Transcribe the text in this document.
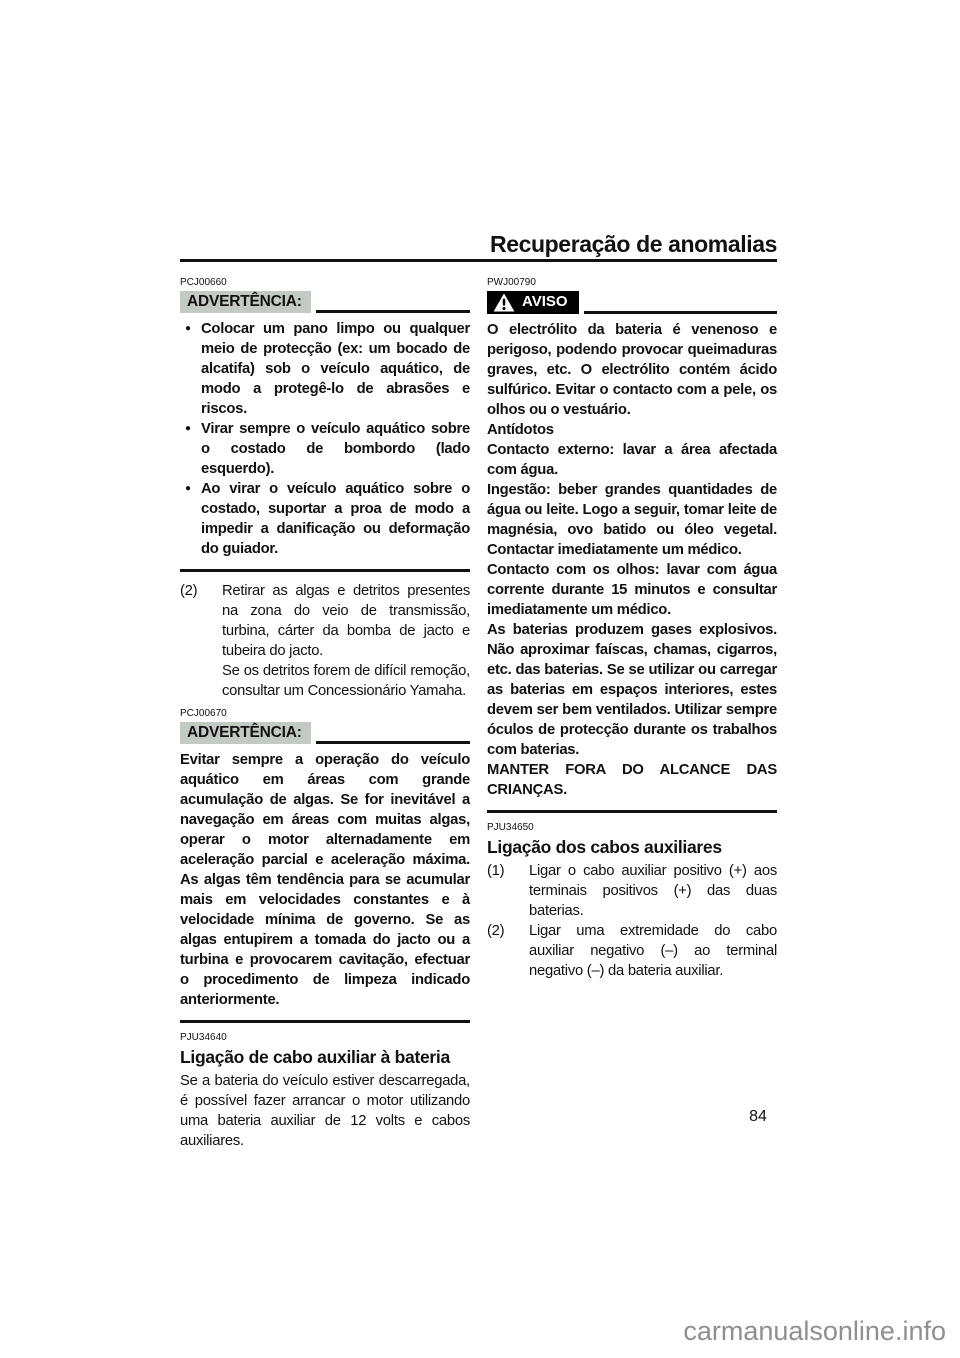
Recuperação de anomalias
PCJ00660
ADVERTÊNCIA:
● Colocar um pano limpo ou qualquer meio de protecção (ex: um bocado de alcatifa) sob o veículo aquático, de modo a protegê-lo de abrasões e riscos.
● Virar sempre o veículo aquático sobre o costado de bombordo (lado esquerdo).
● Ao virar o veículo aquático sobre o costado, suportar a proa de modo a impedir a danificação ou deformação do guiador.
(2)	Retirar as algas e detritos presentes na zona do veio de transmissão, turbina, cárter da bomba de jacto e tubeira do jacto.
Se os detritos forem de difícil remoção, consultar um Concessionário Yamaha.
PCJ00670
ADVERTÊNCIA:
Evitar sempre a operação do veículo aquático em áreas com grande acumulação de algas. Se for inevitável a navegação em áreas com muitas algas, operar o motor alternadamente em aceleração parcial e aceleração máxima. As algas têm tendência para se acumular mais em velocidades constantes e à velocidade mínima de governo. Se as algas entupirem a tomada do jacto ou a turbina e provocarem cavitação, efectuar o procedimento de limpeza indicado anteriormente.
PJU34640
Ligação de cabo auxiliar à bateria
Se a bateria do veículo estiver descarregada, é possível fazer arrancar o motor utilizando uma bateria auxiliar de 12 volts e cabos auxiliares.
PWJ00790
AVISO
O electrólito da bateria é venenoso e perigoso, podendo provocar queimaduras graves, etc. O electrólito contém ácido sulfúrico. Evitar o contacto com a pele, os olhos ou o vestuário.
Antídotos
Contacto externo: lavar a área afectada com água.
Ingestão: beber grandes quantidades de água ou leite. Logo a seguir, tomar leite de magnésia, ovo batido ou óleo vegetal. Contactar imediatamente um médico.
Contacto com os olhos: lavar com água corrente durante 15 minutos e consultar imediatamente um médico.
As baterias produzem gases explosivos. Não aproximar faíscas, chamas, cigarros, etc. das baterias. Se se utilizar ou carregar as baterias em espaços interiores, estes devem ser bem ventilados. Utilizar sempre óculos de protecção durante os trabalhos com baterias.
MANTER FORA DO ALCANCE DAS CRIANÇAS.
PJU34650
Ligação dos cabos auxiliares
(1)	Ligar o cabo auxiliar positivo (+) aos terminais positivos (+) das duas baterias.
(2)	Ligar uma extremidade do cabo auxiliar negativo (–) ao terminal negativo (–) da bateria auxiliar.
84
carmanualsonline.info
